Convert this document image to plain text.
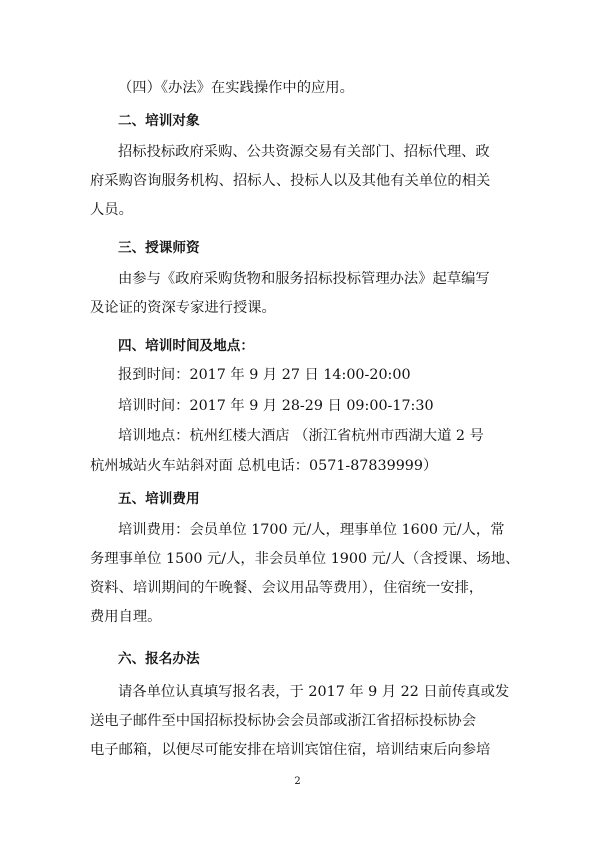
（四）《办法》在实践操作中的应用。
二、培训对象
招标投标政府采购、公共资源交易有关部门、招标代理、政
府采购咨询服务机构、招标人、投标人以及其他有关单位的相关
人员。
三、授课师资
由参与《政府采购货物和服务招标投标管理办法》起草编写
及论证的资深专家进行授课。
四、培训时间及地点：
报到时间：2017 年 9 月 27 日 14:00-20:00
培训时间：2017 年 9 月 28-29 日 09:00-17:30
培训地点：杭州红楼大酒店 （浙江省杭州市西湖大道 2 号
杭州城站火车站斜对面 总机电话：0571-87839999）
五、培训费用
培训费用：会员单位 1700 元/人，理事单位 1600 元/人，常
务理事单位 1500 元/人，非会员单位 1900 元/人（含授课、场地、
资料、培训期间的午晚餐、会议用品等费用），住宿统一安排，
费用自理。
六、报名办法
请各单位认真填写报名表，于 2017 年 9 月 22 日前传真或发
送电子邮件至中国招标投标协会会员部或浙江省招标投标协会
电子邮箱，以便尽可能安排在培训宾馆住宿，培训结束后向参培
2
